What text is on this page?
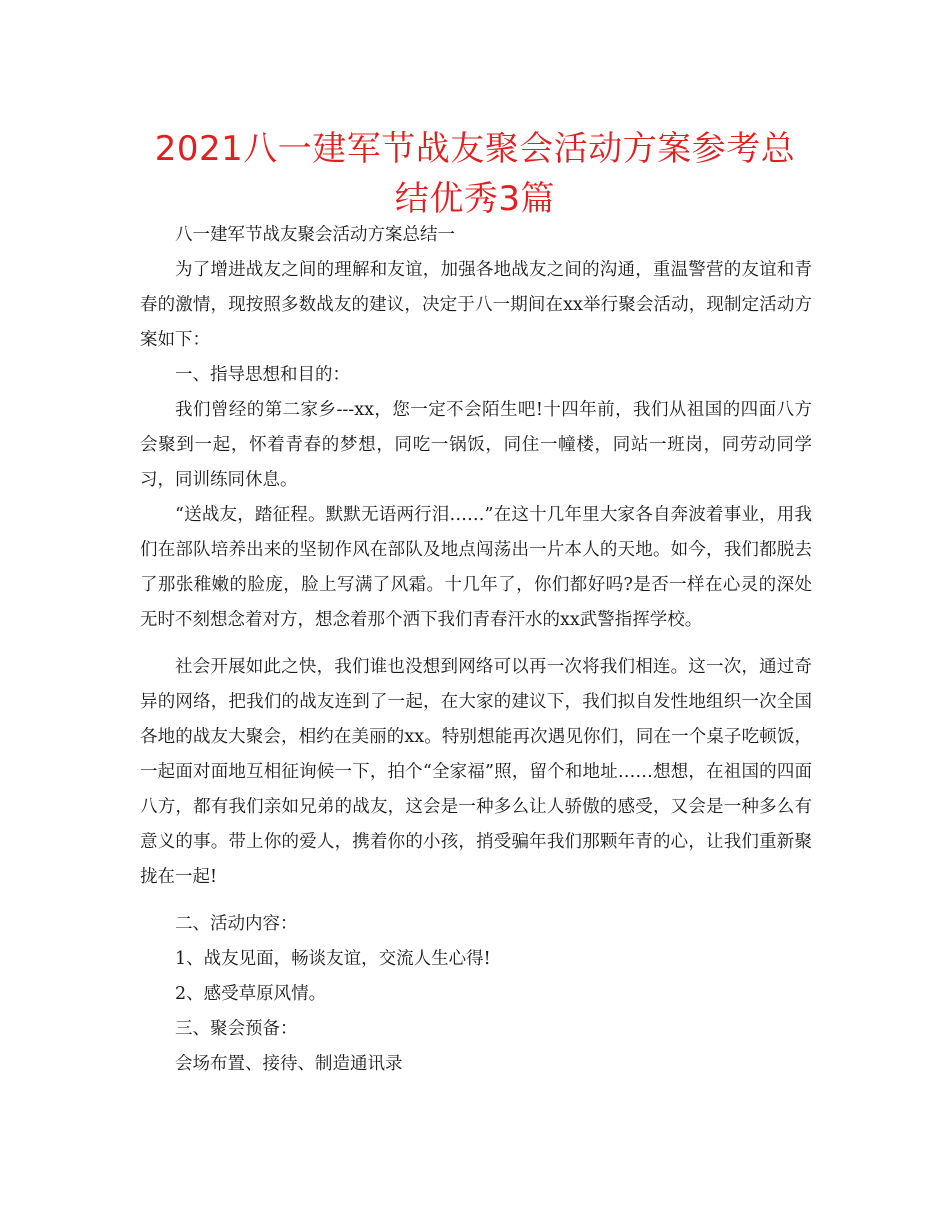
2021八一建军节战友聚会活动方案参考总结优秀3篇

八一建军节战友聚会活动方案总结一

为了增进战友之间的理解和友谊，加强各地战友之间的沟通，重温警营的友谊和青春的激情，现按照多数战友的建议，决定于八一期间在xx举行聚会活动，现制定活动方案如下：

一、指导思想和目的：

我们曾经的第二家乡---xx，您一定不会陌生吧!十四年前，我们从祖国的四面八方会聚到一起，怀着青春的梦想，同吃一锅饭，同住一幢楼，同站一班岗，同劳动同学习，同训练同休息。

“送战友，踏征程。默默无语两行泪……”在这十几年里大家各自奔波着事业，用我们在部队培养出来的坚韧作风在部队及地点闯荡出一片本人的天地。如今，我们都脱去了那张稚嫩的脸庞，脸上写满了风霜。十几年了，你们都好吗?是否一样在心灵的深处无时不刻想念着对方，想念着那个洒下我们青春汗水的xx武警指挥学校。

社会开展如此之快，我们谁也没想到网络可以再一次将我们相连。这一次，通过奇异的网络，把我们的战友连到了一起，在大家的建议下，我们拟自发性地组织一次全国各地的战友大聚会，相约在美丽的xx。特别想能再次遇见你们，同在一个桌子吃顿饭，一起面对面地互相征询候一下，拍个“全家福”照，留个和地址……想想，在祖国的四面八方，都有我们亲如兄弟的战友，这会是一种多么让人骄傲的感受，又会是一种多么有意义的事。带上你的爱人，携着你的小孩，捎受骗年我们那颗年青的心，让我们重新聚拢在一起!

二、活动内容：

1、战友见面，畅谈友谊，交流人生心得!

2、感受草原风情。

三、聚会预备：

会场布置、接待、制造通讯录
